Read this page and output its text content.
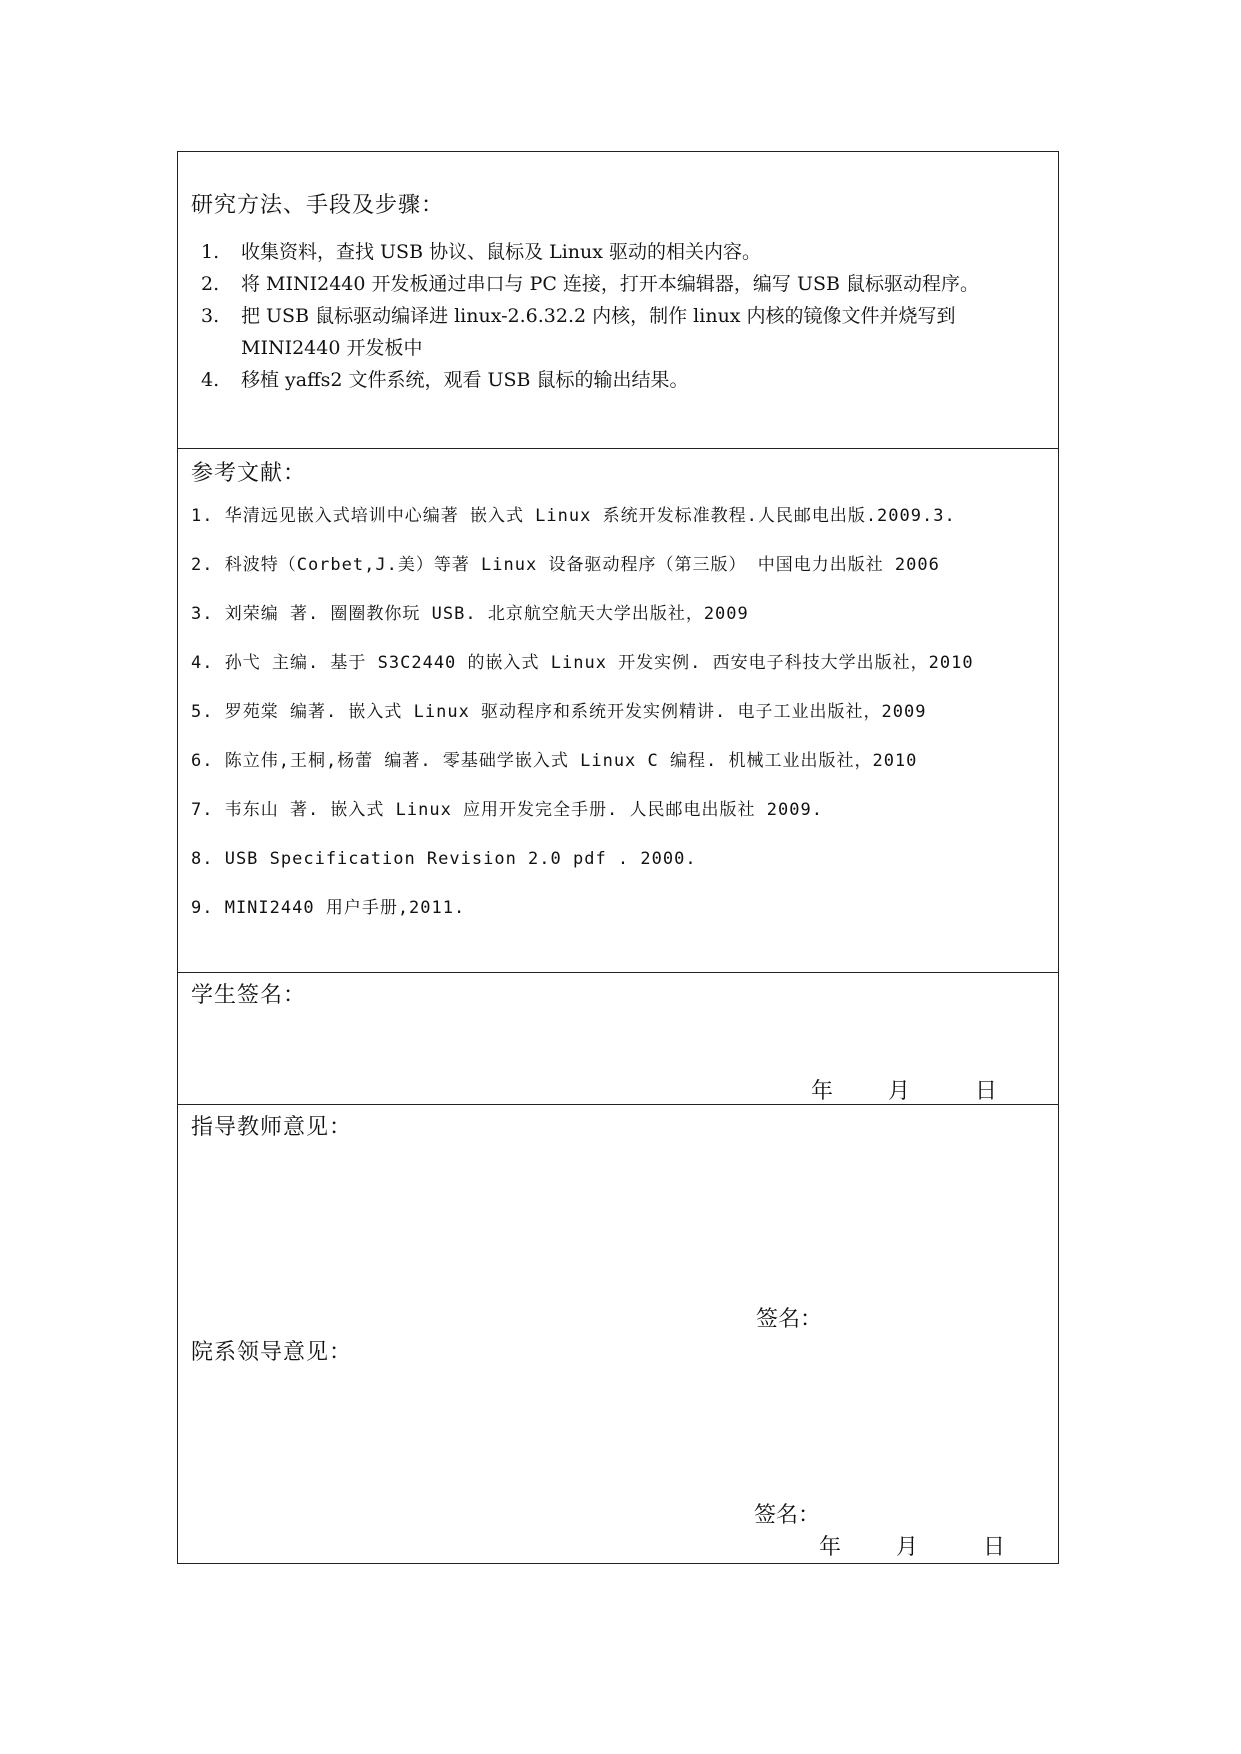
研究方法、手段及步骤：
1. 收集资料，查找 USB 协议、鼠标及 Linux 驱动的相关内容。
2. 将 MINI2440 开发板通过串口与 PC 连接，打开本编辑器，编写 USB 鼠标驱动程序。
3. 把 USB 鼠标驱动编译进 linux-2.6.32.2 内核，制作 linux 内核的镜像文件并烧写到 MINI2440 开发板中
4. 移植 yaffs2 文件系统，观看 USB 鼠标的输出结果。
参考文献：
1. 华清远见嵌入式培训中心编著 嵌入式 Linux 系统开发标准教程.人民邮电出版.2009.3.
2. 科波特（Corbet,J.美）等著 Linux 设备驱动程序（第三版） 中国电力出版社 2006
3. 刘荣编 著. 圈圈教你玩 USB. 北京航空航天大学出版社，2009
4. 孙弋 主编. 基于 S3C2440 的嵌入式 Linux 开发实例. 西安电子科技大学出版社，2010
5. 罗苑棠 编著. 嵌入式 Linux 驱动程序和系统开发实例精讲. 电子工业出版社，2009
6. 陈立伟,王桐,杨蕾 编著. 零基础学嵌入式 Linux C 编程. 机械工业出版社，2010
7. 韦东山 著. 嵌入式 Linux 应用开发完全手册. 人民邮电出版社 2009.
8. USB Specification Revision 2.0 pdf . 2000.
9. MINI2440 用户手册,2011.
学生签名：
年 月	日
指导教师意见：
签名：
院系领导意见：
签名：
年 月	日
